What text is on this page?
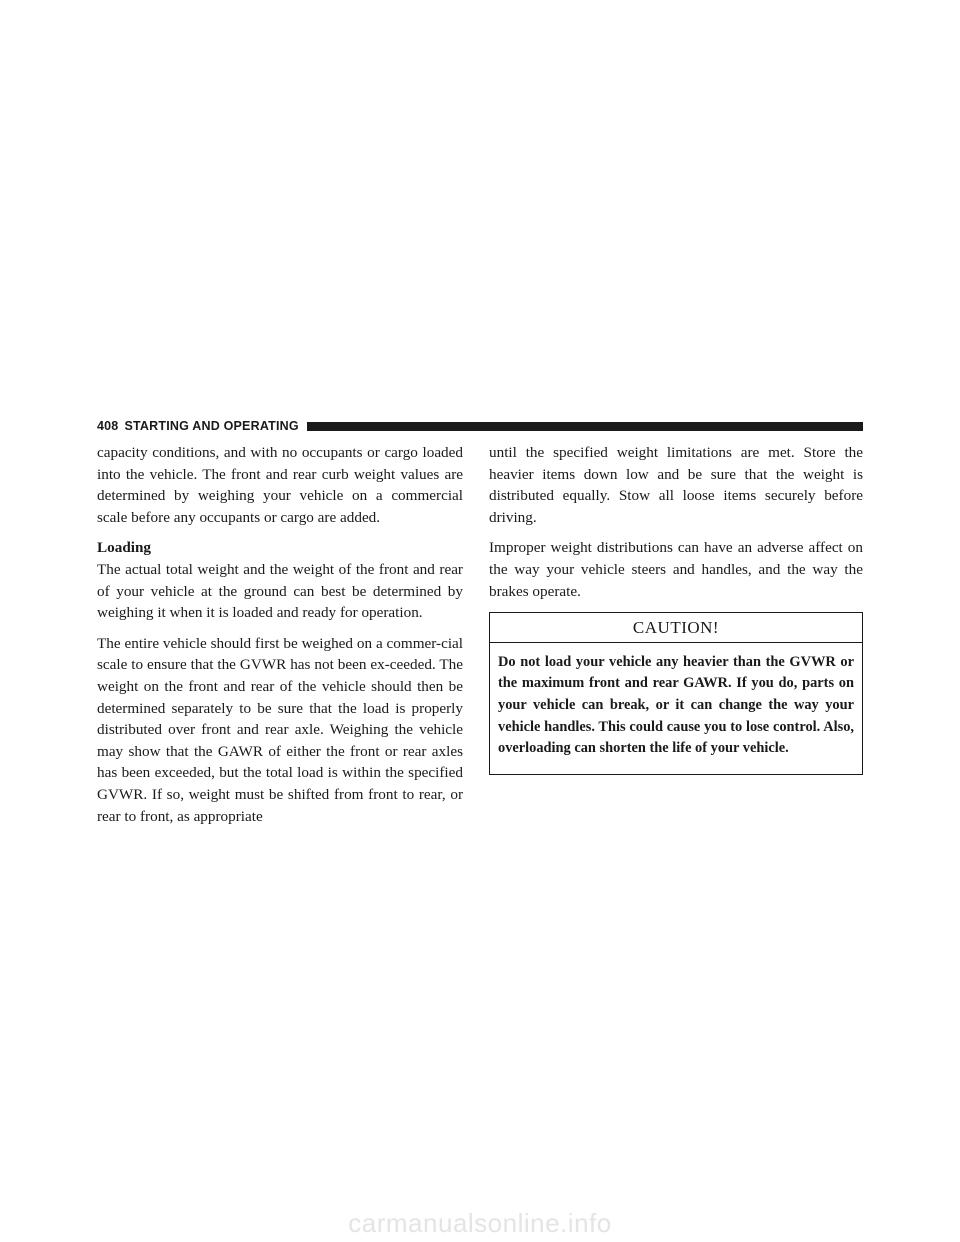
408 STARTING AND OPERATING

capacity conditions, and with no occupants or cargo loaded into the vehicle. The front and rear curb weight values are determined by weighing your vehicle on a commercial scale before any occupants or cargo are added.

Loading

The actual total weight and the weight of the front and rear of your vehicle at the ground can best be determined by weighing it when it is loaded and ready for operation.

The entire vehicle should first be weighed on a commer-cial scale to ensure that the GVWR has not been ex-ceeded. The weight on the front and rear of the vehicle should then be determined separately to be sure that the load is properly distributed over front and rear axle. Weighing the vehicle may show that the GAWR of either the front or rear axles has been exceeded, but the total load is within the specified GVWR. If so, weight must be shifted from front to rear, or rear to front, as appropriate

until the specified weight limitations are met. Store the heavier items down low and be sure that the weight is distributed equally. Stow all loose items securely before driving.

Improper weight distributions can have an adverse affect on the way your vehicle steers and handles, and the way the brakes operate.

CAUTION!
Do not load your vehicle any heavier than the GVWR or the maximum front and rear GAWR. If you do, parts on your vehicle can break, or it can change the way your vehicle handles. This could cause you to lose control. Also, overloading can shorten the life of your vehicle.
carmanualsonline.info
